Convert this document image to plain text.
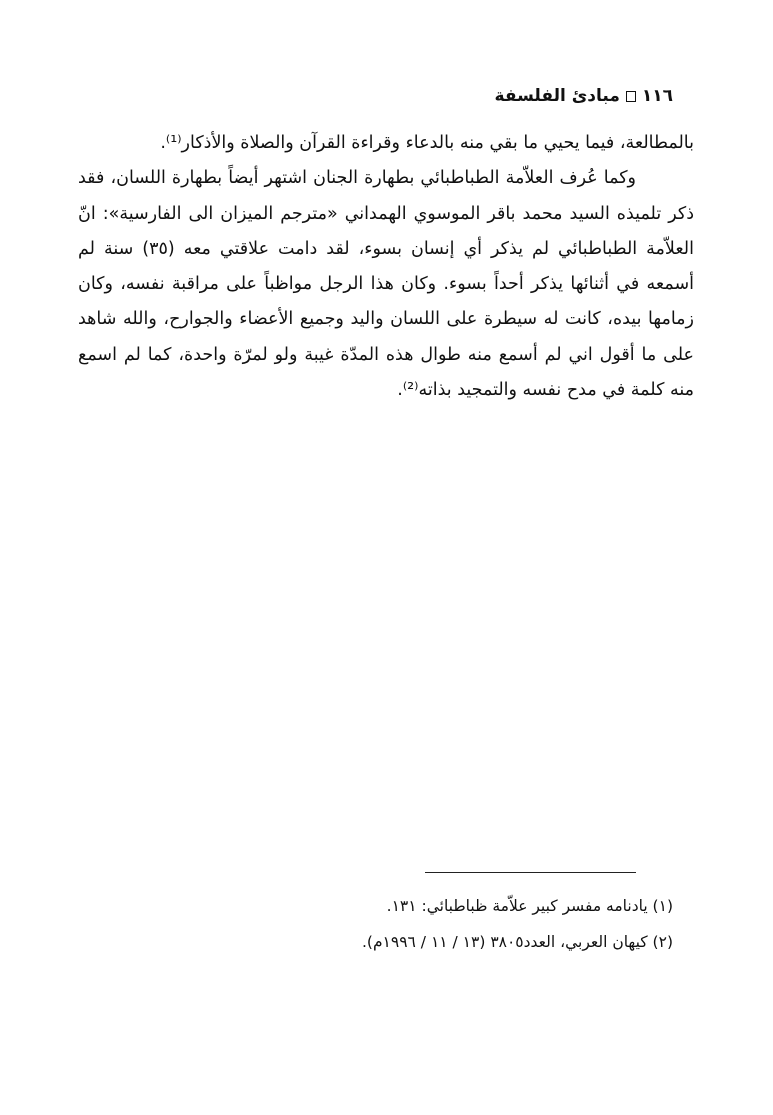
١١٦
مبادئ الفلسفة

بالمطالعة، فيما يحيي ما بقي منه بالدعاء وقراءة القرآن والصلاة والأذكار⁽¹⁾.

وكما عُرف العلاّمة الطباطبائي بطهارة الجنان اشتهر أيضاً بطهارة اللسان، فقد ذكر تلميذه السيد محمد باقر الموسوي الهمداني «مترجم الميزان الى الفارسية»: انّ العلاّمة الطباطبائي لم يذكر أي إنسان بسوء، لقد دامت علاقتي معه (٣٥) سنة لم أسمعه في أثنائها يذكر أحداً بسوء. وكان هذا الرجل مواظباً على مراقبة نفسه، وكان زمامها بيده، كانت له سيطرة على اللسان واليد وجميع الأعضاء والجوارح، والله شاهد على ما أقول اني لم أسمع منه طوال هذه المدّة غيبة ولو لمرّة واحدة، كما لم اسمع منه كلمة في مدح نفسه والتمجيد بذاته⁽²⁾.

(١) يادنامه مفسر كبير علاّمة ظباطبائي: ١٣١.

(٢) كيهان العربي، العدد٣٨٠٥ (١٣ / ١١ / ١٩٩٦م).
